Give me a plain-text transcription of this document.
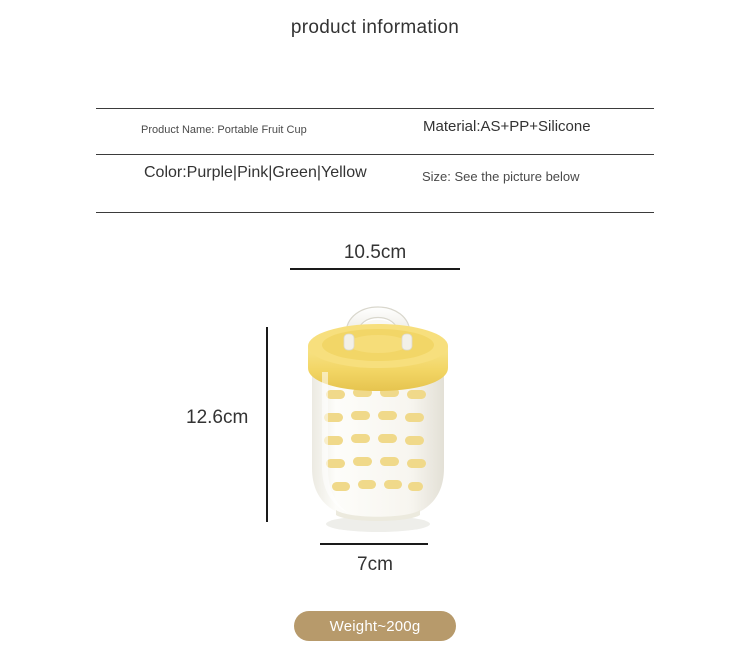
product information
Product Name: Portable Fruit Cup	Material:AS+PP+Silicone
Color:Purple|Pink|Green|Yellow	Size: See the picture below
10.5cm
12.6cm
7cm
Weight~200g
